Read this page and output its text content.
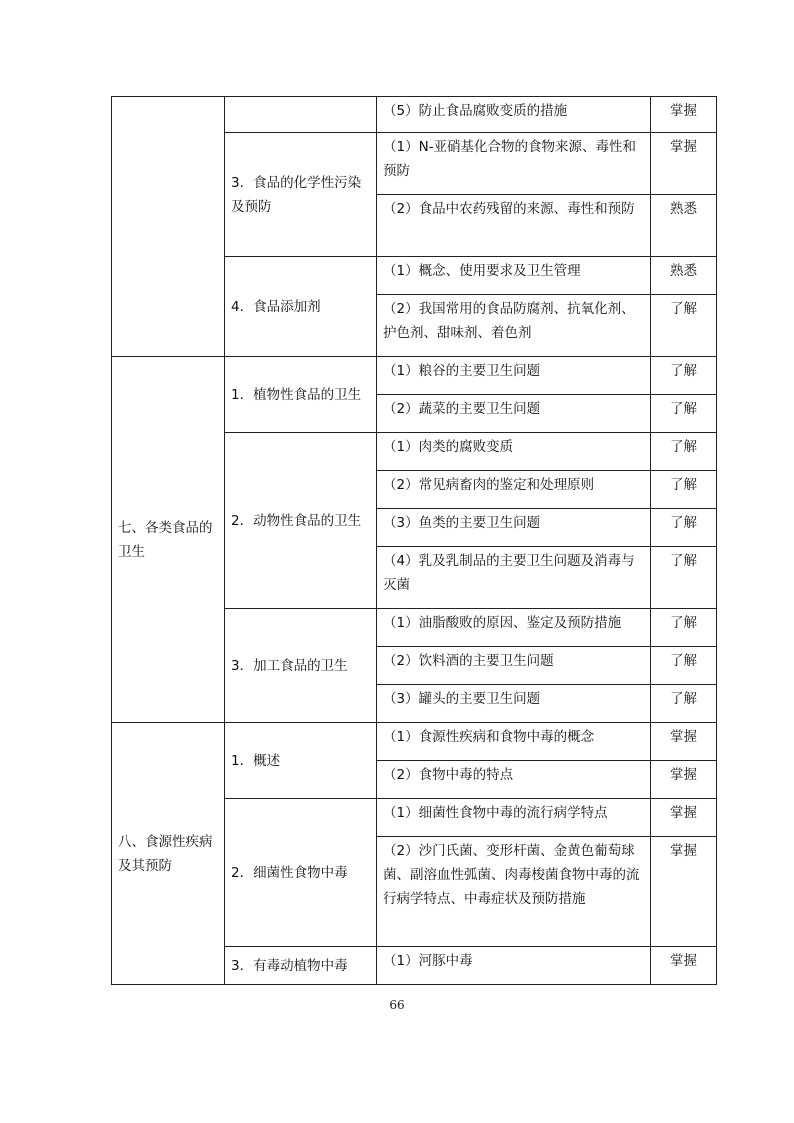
		（5）防止食品腐败变质的措施	掌握
	3．食品的化学性污染及预防	（1）N-亚硝基化合物的食物来源、毒性和预防	掌握
		（2）食品中农药残留的来源、毒性和预防	熟悉
	4．食品添加剂	（1）概念、使用要求及卫生管理	熟悉
		（2）我国常用的食品防腐剂、抗氧化剂、护色剂、甜味剂、着色剂	了解
七、各类食品的卫生	1．植物性食品的卫生	（1）粮谷的主要卫生问题	了解
		（2）蔬菜的主要卫生问题	了解
	2．动物性食品的卫生	（1）肉类的腐败变质	了解
		（2）常见病畜肉的鉴定和处理原则	了解
		（3）鱼类的主要卫生问题	了解
		（4）乳及乳制品的主要卫生问题及消毒与灭菌	了解
	3．加工食品的卫生	（1）油脂酸败的原因、鉴定及预防措施	了解
		（2）饮料酒的主要卫生问题	了解
		（3）罐头的主要卫生问题	了解
八、食源性疾病及其预防	1．概述	（1）食源性疾病和食物中毒的概念	掌握
		（2）食物中毒的特点	掌握
	2．细菌性食物中毒	（1）细菌性食物中毒的流行病学特点	掌握
		（2）沙门氏菌、变形杆菌、金黄色葡萄球菌、副溶血性弧菌、肉毒梭菌食物中毒的流行病学特点、中毒症状及预防措施	掌握
	3．有毒动植物中毒	（1）河豚中毒	掌握
66
